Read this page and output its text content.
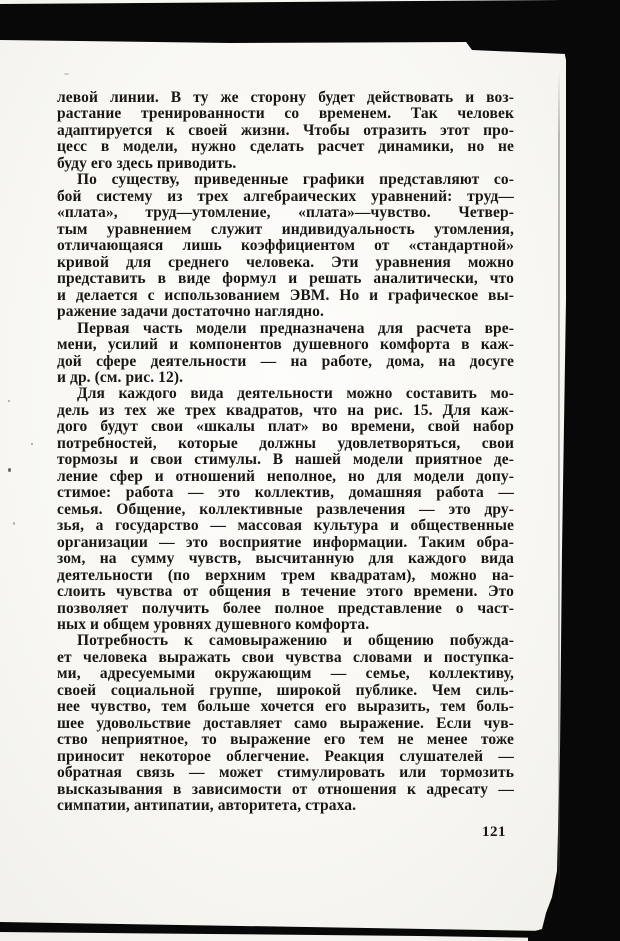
левой линии. В ту же сторону будет действовать и воз-
растание тренированности со временем. Так человек
адаптируется к своей жизни. Чтобы отразить этот про-
цесс в модели, нужно сделать расчет динамики, но не
буду его здесь приводить.
По существу, приведенные графики представляют со-
бой систему из трех алгебраических уравнений: труд—
«плата», труд—утомление, «плата»—чувство. Четвер-
тым уравнением служит индивидуальность утомления,
отличающаяся лишь коэффициентом от «стандартной»
кривой для среднего человека. Эти уравнения можно
представить в виде формул и решать аналитически, что
и делается с использованием ЭВМ. Но и графическое вы-
ражение задачи достаточно наглядно.
Первая часть модели предназначена для расчета вре-
мени, усилий и компонентов душевного комфорта в каж-
дой сфере деятельности — на работе, дома, на досуге
и др. (см. рис. 12).
Для каждого вида деятельности можно составить мо-
дель из тех же трех квадратов, что на рис. 15. Для каж-
дого будут свои «шкалы плат» во времени, свой набор
потребностей, которые должны удовлетворяться, свои
тормозы и свои стимулы. В нашей модели приятное де-
ление сфер и отношений неполное, но для модели допу-
стимое: работа — это коллектив, домашняя работа —
семья. Общение, коллективные развлечения — это дру-
зья, а государство — массовая культура и общественные
организации — это восприятие информации. Таким обра-
зом, на сумму чувств, высчитанную для каждого вида
деятельности (по верхним трем квадратам), можно на-
слоить чувства от общения в течение этого времени. Это
позволяет получить более полное представление о част-
ных и общем уровнях душевного комфорта.
Потребность к самовыражению и общению побужда-
ет человека выражать свои чувства словами и поступка-
ми, адресуемыми окружающим — семье, коллективу,
своей социальной группе, широкой публике. Чем силь-
нее чувство, тем больше хочется его выразить, тем боль-
шее удовольствие доставляет само выражение. Если чув-
ство неприятное, то выражение его тем не менее тоже
приносит некоторое облегчение. Реакция слушателей —
обратная связь — может стимулировать или тормозить
высказывания в зависимости от отношения к адресату —
симпатии, антипатии, авторитета, страха.
121
